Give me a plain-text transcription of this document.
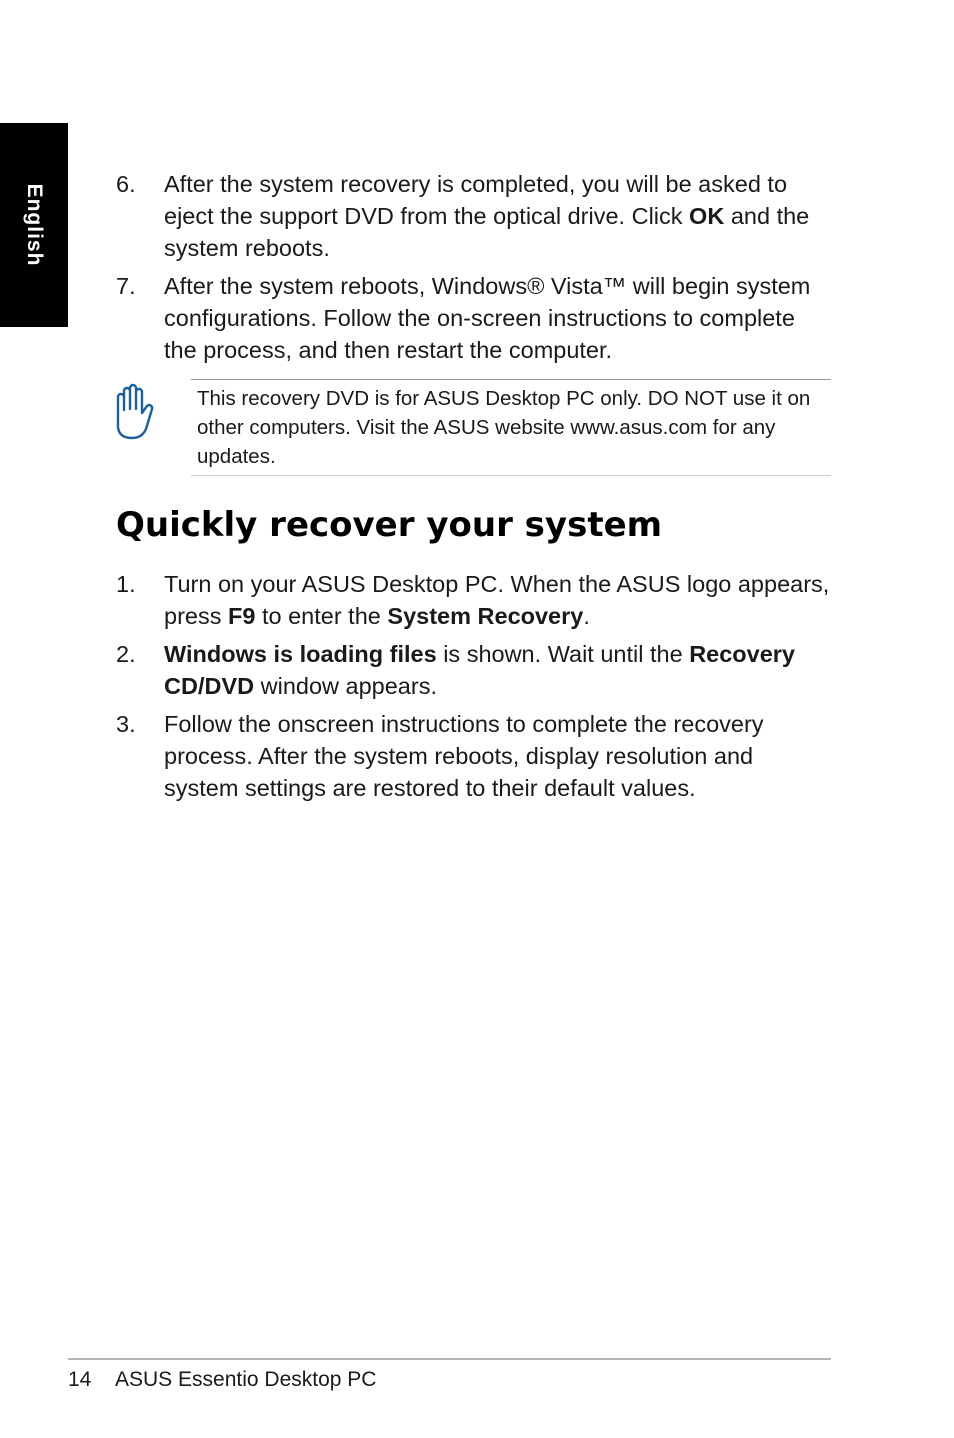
English	6. After the system recovery is completed, you will be asked to eject the support DVD from the optical drive. Click OK and the system reboots.
7. After the system reboots, Windows® Vista™ will begin system configurations. Follow the on-screen instructions to complete the process, and then restart the computer.
This recovery DVD is for ASUS Desktop PC only. DO NOT use it on other computers. Visit the ASUS website www.asus.com for any updates.
Quickly recover your system
1. Turn on your ASUS Desktop PC. When the ASUS logo appears, press F9 to enter the System Recovery.
2. Windows is loading files is shown. Wait until the Recovery CD/DVD window appears.
3. Follow the onscreen instructions to complete the recovery process. After the system reboots, display resolution and system settings are restored to their default values.
14 ASUS Essentio Desktop PC
